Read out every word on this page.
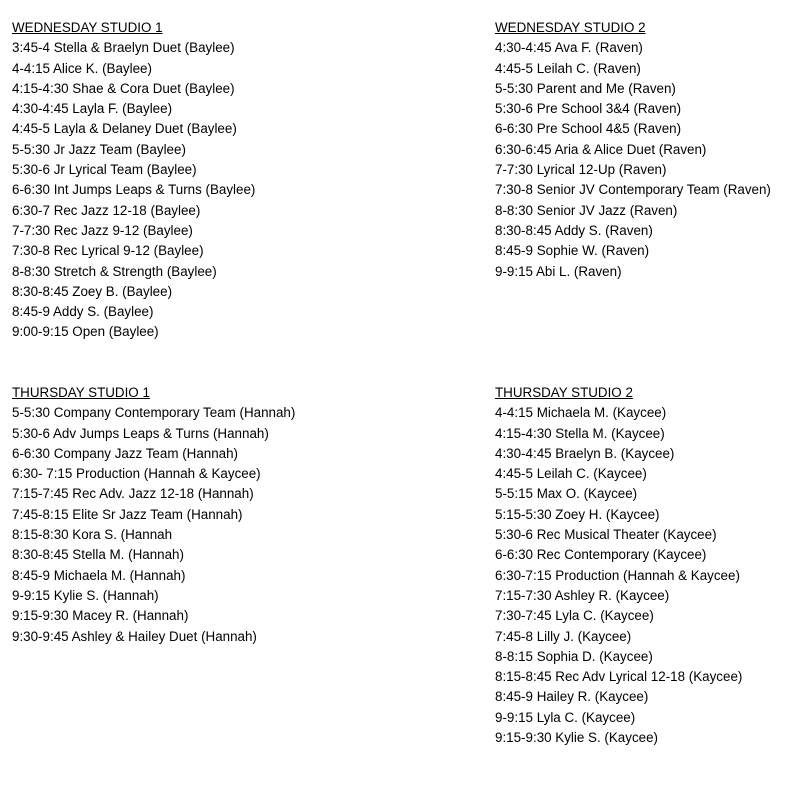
WEDNESDAY STUDIO 1
3:45-4 Stella & Braelyn Duet (Baylee)
4-4:15 Alice K. (Baylee)
4:15-4:30 Shae & Cora Duet (Baylee)
4:30-4:45 Layla F. (Baylee)
4:45-5 Layla & Delaney Duet (Baylee)
5-5:30 Jr Jazz Team (Baylee)
5:30-6 Jr Lyrical Team (Baylee)
6-6:30 Int Jumps Leaps & Turns (Baylee)
6:30-7 Rec Jazz 12-18 (Baylee)
7-7:30 Rec Jazz 9-12 (Baylee)
7:30-8 Rec Lyrical 9-12 (Baylee)
8-8:30 Stretch & Strength (Baylee)
8:30-8:45 Zoey B. (Baylee)
8:45-9 Addy S. (Baylee)
9:00-9:15 Open (Baylee)
WEDNESDAY STUDIO 2
4:30-4:45 Ava F. (Raven)
4:45-5 Leilah C. (Raven)
5-5:30 Parent and Me (Raven)
5:30-6 Pre School 3&4 (Raven)
6-6:30 Pre School 4&5 (Raven)
6:30-6:45 Aria & Alice Duet (Raven)
7-7:30 Lyrical 12-Up (Raven)
7:30-8 Senior JV Contemporary Team (Raven)
8-8:30 Senior JV Jazz (Raven)
8:30-8:45 Addy S. (Raven)
8:45-9 Sophie W. (Raven)
9-9:15 Abi L. (Raven)
THURSDAY STUDIO 1
5-5:30 Company Contemporary Team (Hannah)
5:30-6 Adv Jumps Leaps & Turns (Hannah)
6-6:30 Company Jazz Team (Hannah)
6:30- 7:15 Production (Hannah & Kaycee)
7:15-7:45 Rec Adv. Jazz 12-18 (Hannah)
7:45-8:15 Elite Sr Jazz Team (Hannah)
8:15-8:30 Kora S. (Hannah
8:30-8:45 Stella M. (Hannah)
8:45-9 Michaela M. (Hannah)
9-9:15 Kylie S. (Hannah)
9:15-9:30 Macey R. (Hannah)
9:30-9:45 Ashley & Hailey Duet (Hannah)
THURSDAY STUDIO 2
4-4:15 Michaela M. (Kaycee)
4:15-4:30 Stella M. (Kaycee)
4:30-4:45 Braelyn B. (Kaycee)
4:45-5 Leilah C. (Kaycee)
5-5:15 Max O. (Kaycee)
5:15-5:30 Zoey H. (Kaycee)
5:30-6 Rec Musical Theater (Kaycee)
6-6:30 Rec Contemporary (Kaycee)
6:30-7:15 Production (Hannah & Kaycee)
7:15-7:30 Ashley R. (Kaycee)
7:30-7:45 Lyla C. (Kaycee)
7:45-8 Lilly J. (Kaycee)
8-8:15 Sophia D. (Kaycee)
8:15-8:45 Rec Adv Lyrical 12-18 (Kaycee)
8:45-9 Hailey R. (Kaycee)
9-9:15 Lyla C. (Kaycee)
9:15-9:30 Kylie S. (Kaycee)
